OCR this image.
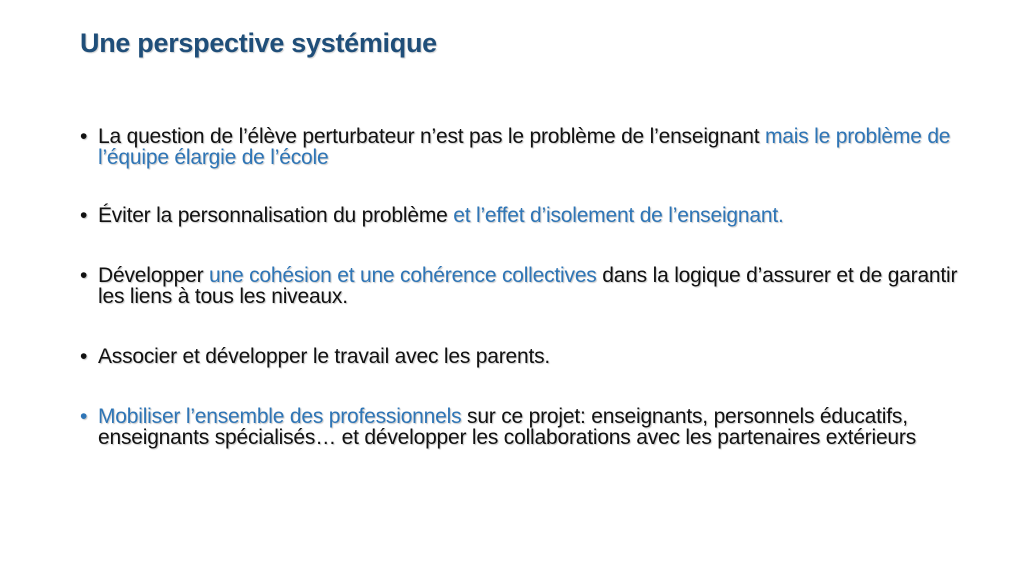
Une perspective systémique
• La question de l’élève perturbateur n’est pas le problème de l’enseignant mais le problème de l’équipe élargie de l’école
• Éviter la personnalisation du problème et l’effet d’isolement de l’enseignant.
• Développer une cohésion et une cohérence collectives dans la logique d’assurer et de garantir les liens à tous les niveaux.
• Associer et développer le travail avec les parents.
• Mobiliser l’ensemble des professionnels sur ce projet: enseignants, personnels éducatifs, enseignants spécialisés… et développer les collaborations avec les partenaires extérieurs
